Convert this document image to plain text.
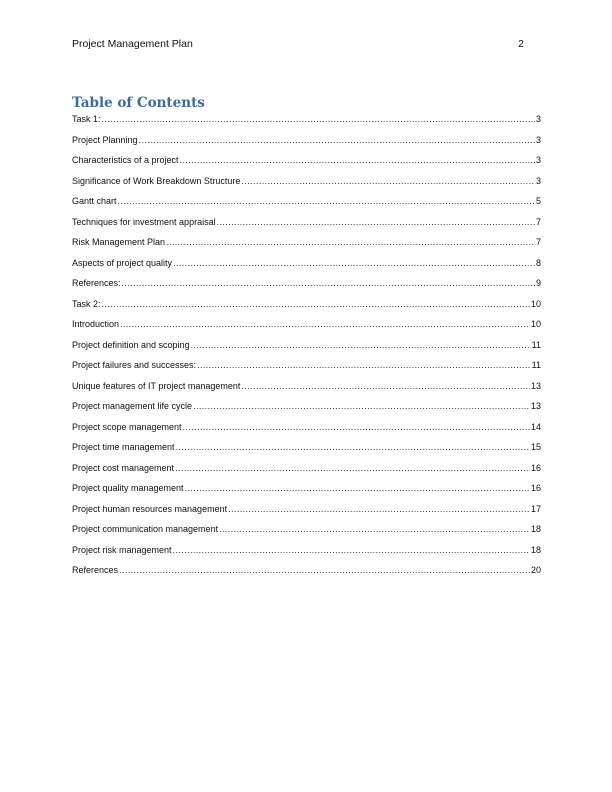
Project Management Plan	2
Table of Contents
Task 1: .....	3
Project Planning .....	3
Characteristics of a project .....	3
Significance of Work Breakdown Structure .....	3
Gantt chart .....	5
Techniques for investment appraisal .....	7
Risk Management Plan .....	7
Aspects of project quality .....	8
References: .....	9
Task 2: .....	10
Introduction .....	10
Project definition and scoping .....	11
Project failures and successes: .....	11
Unique features of IT project management .....	13
Project management life cycle .....	13
Project scope management .....	14
Project time management .....	15
Project cost management .....	16
Project quality management .....	16
Project human resources management .....	17
Project communication management .....	18
Project risk management .....	18
References .....	20
